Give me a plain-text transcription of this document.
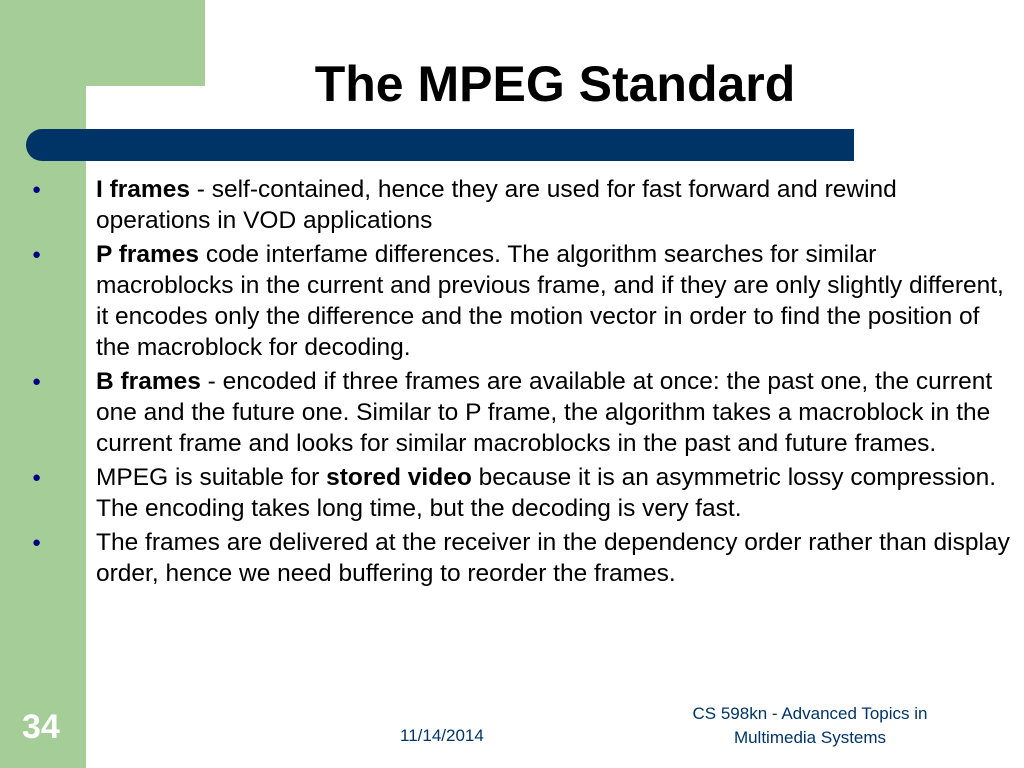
The MPEG Standard
● I frames - self-contained, hence they are used for fast forward and rewind operations in VOD applications
● P frames code interfame differences. The algorithm searches for similar macroblocks in the current and previous frame, and if they are only slightly different, it encodes only the difference and the motion vector in order to find the position of the macroblock for decoding.
● B frames - encoded if three frames are available at once: the past one, the current one and the future one. Similar to P frame, the algorithm takes a macroblock in the current frame and looks for similar macroblocks in the past and future frames.
● MPEG is suitable for stored video because it is an asymmetric lossy compression. The encoding takes long time, but the decoding is very fast.
● The frames are delivered at the receiver in the dependency order rather than display order, hence we need buffering to reorder the frames.
34	11/14/2014
CS 598kn - Advanced Topics in
Multimedia Systems
